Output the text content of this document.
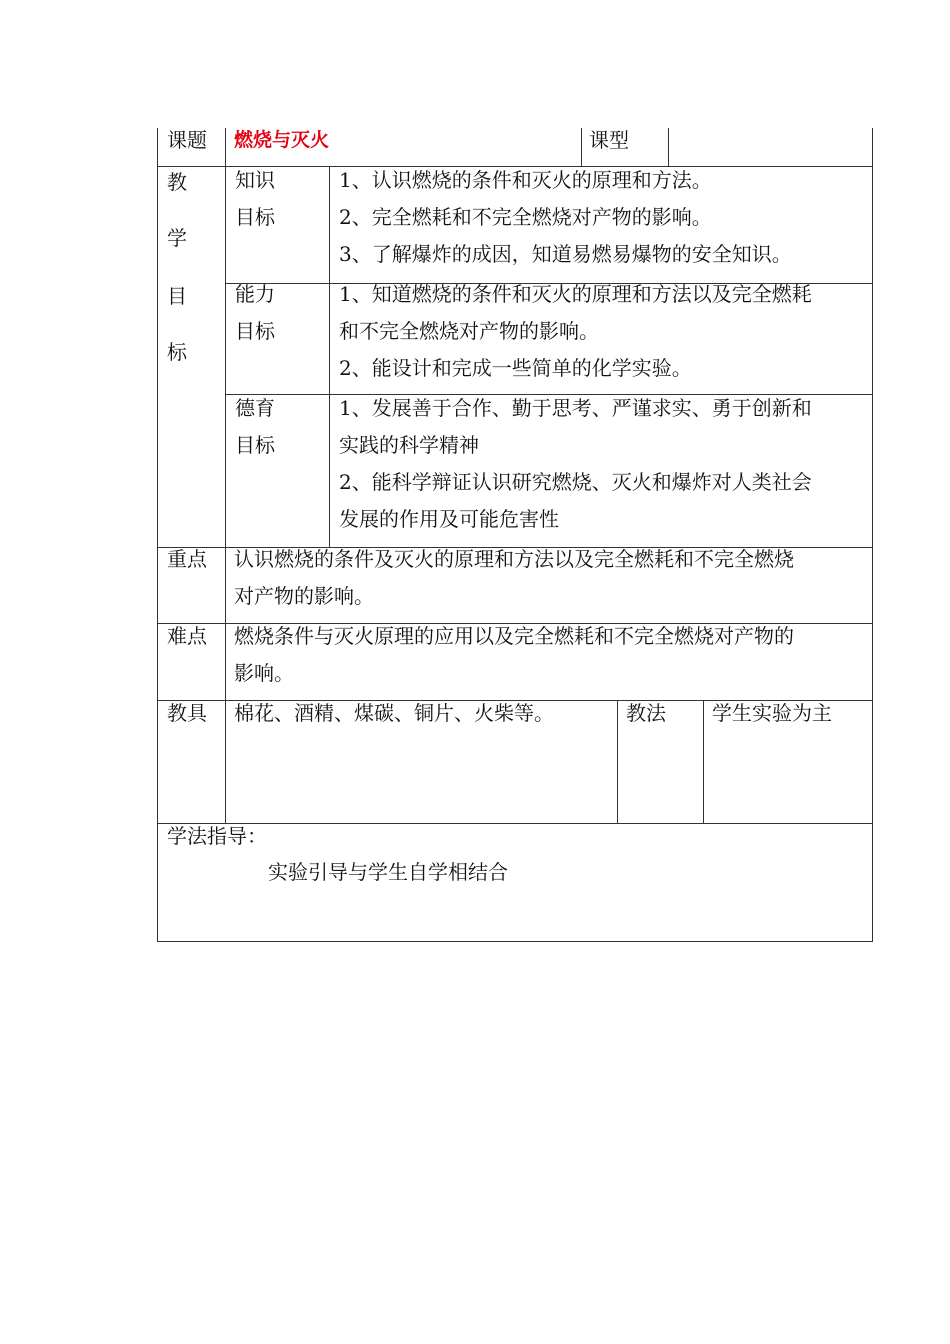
课题 燃烧与灭火	课型
教
学
目
标
知识
目标
1、认识燃烧的条件和灭火的原理和方法。
2、完全燃耗和不完全燃烧对产物的影响。
3、了解爆炸的成因，知道易燃易爆物的安全知识。
能力
目标
1、知道燃烧的条件和灭火的原理和方法以及完全燃耗
和不完全燃烧对产物的影响。
2、能设计和完成一些简单的化学实验。
德育
目标
1、发展善于合作、勤于思考、严谨求实、勇于创新和
实践的科学精神
2、能科学辩证认识研究燃烧、灭火和爆炸对人类社会
发展的作用及可能危害性
重点 认识燃烧的条件及灭火的原理和方法以及完全燃耗和不完全燃烧
对产物的影响。
难点 燃烧条件与灭火原理的应用以及完全燃耗和不完全燃烧对产物的
影响。
教具 棉花、酒精、煤碳、铜片、火柴等。	教法 学生实验为主
学法指导：
实验引导与学生自学相结合
